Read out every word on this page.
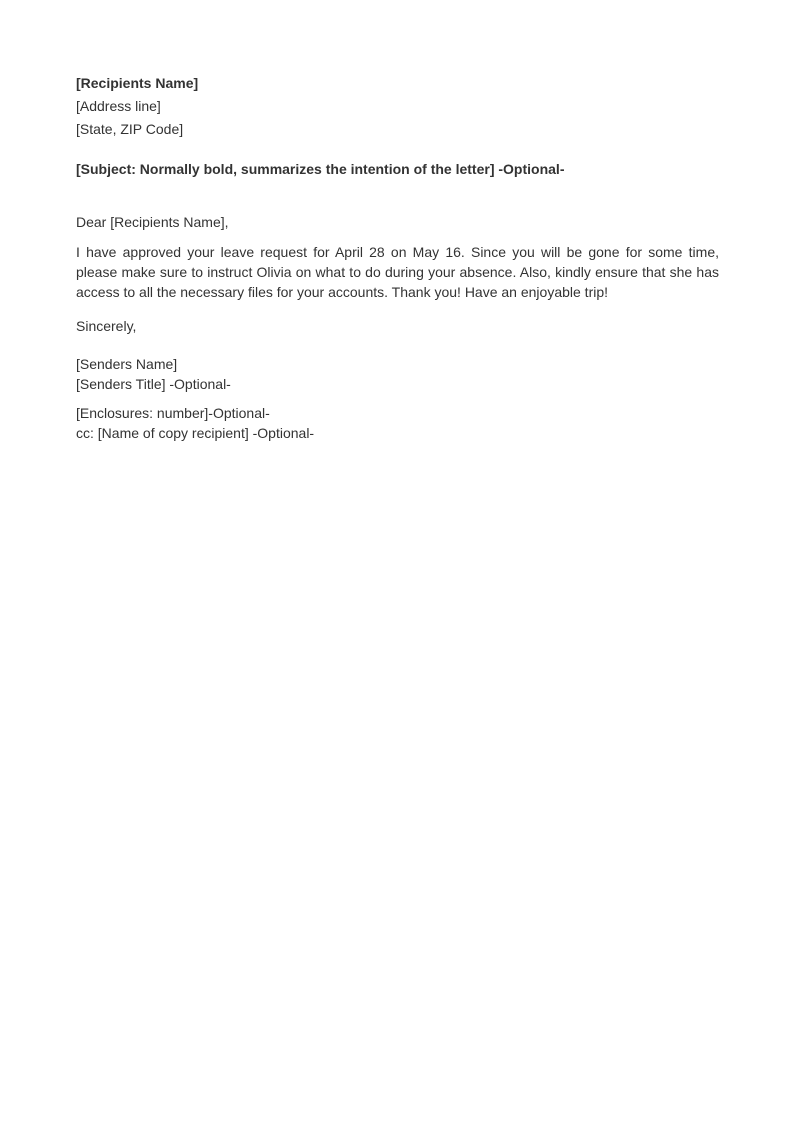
[Recipients Name]

[Address line]

[State, ZIP Code]

[Subject: Normally bold, summarizes the intention of the letter] -Optional-

Dear [Recipients Name],

I have approved your leave request for April 28 on May 16. Since you will be gone for some time, please make sure to instruct Olivia on what to do during your absence. Also, kindly ensure that she has access to all the necessary files for your accounts. Thank you! Have an enjoyable trip!

Sincerely,

[Senders Name]

[Senders Title] -Optional-

[Enclosures: number]-Optional-

cc: [Name of copy recipient] -Optional-
